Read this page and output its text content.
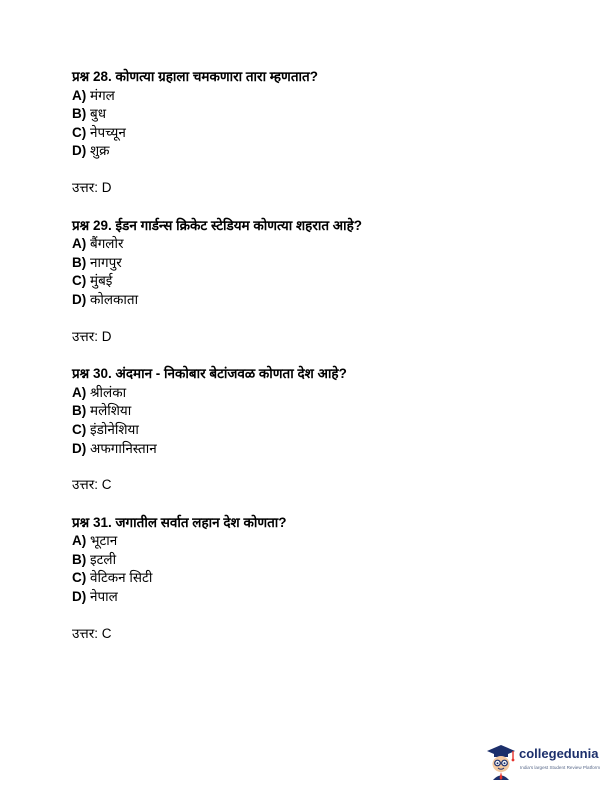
प्रश्न 28. कोणत्या ग्रहाला चमकणारा तारा म्हणतात?
A) मंगल
B) बुध
C) नेपच्यून
D) शुक्र
उत्तर: D
प्रश्न 29. ईडन गार्डन्स क्रिकेट स्टेडियम कोणत्या शहरात आहे?
A) बैंगलोर
B) नागपुर
C) मुंबई
D) कोलकाता
उत्तर: D
प्रश्न 30. अंदमान - निकोबार बेटांजवळ कोणता देश आहे?
A) श्रीलंका
B) मलेशिया
C) इंडोनेशिया
D) अफगानिस्तान
उत्तर: C
प्रश्न 31. जगातील सर्वात लहान देश कोणता?
A) भूटान
B) इटली
C) वेटिकन सिटी
D) नेपाल
उत्तर: C
collegedunia
India's largest Student Review Platform
